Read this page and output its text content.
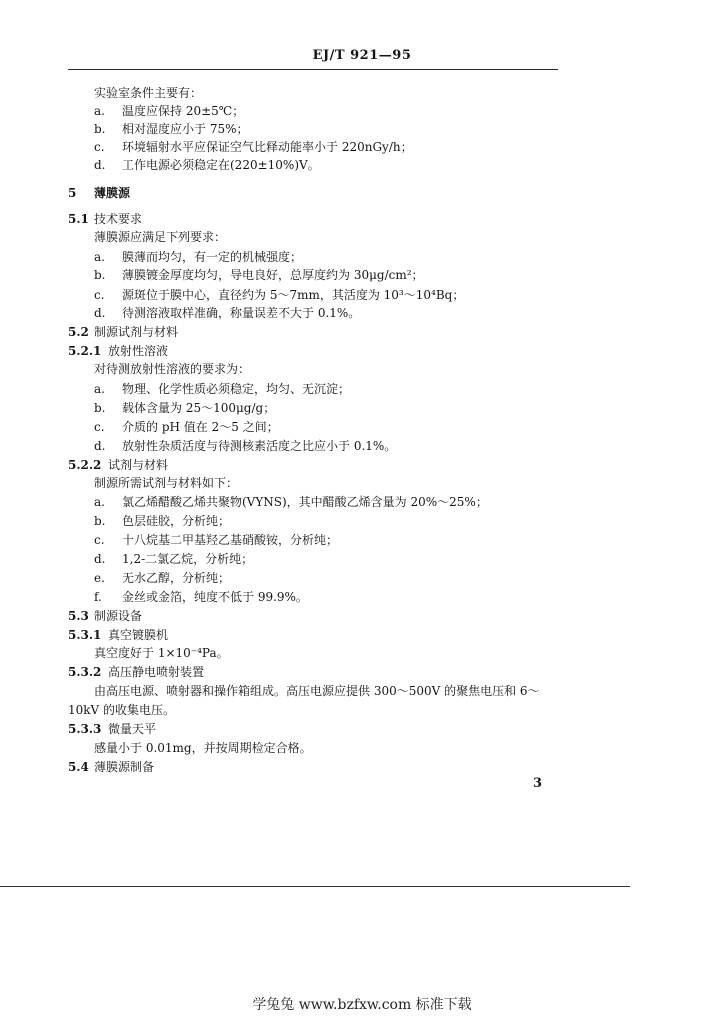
EJ/T 921—95
实验室条件主要有：
a. 温度应保持 20±5℃；
b. 相对湿度应小于 75%；
c. 环境辐射水平应保证空气比释动能率小于 220nGy/h；
d. 工作电源必须稳定在(220±10%)V。
5 薄膜源
5.1 技术要求
薄膜源应满足下列要求：
a. 膜薄而均匀，有一定的机械强度；
b. 薄膜镀金厚度均匀，导电良好，总厚度约为 30μg/cm²；
c. 源斑位于膜中心，直径约为 5～7mm，其活度为 10³～10⁴Bq；
d. 待测溶液取样准确，称量误差不大于 0.1%。
5.2 制源试剂与材料
5.2.1 放射性溶液
对待测放射性溶液的要求为：
a. 物理、化学性质必须稳定，均匀、无沉淀；
b. 载体含量为 25～100μg/g；
c. 介质的 pH 值在 2～5 之间；
d. 放射性杂质活度与待测核素活度之比应小于 0.1%。
5.2.2 试剂与材料
制源所需试剂与材料如下：
a. 氯乙烯醋酸乙烯共聚物(VYNS)，其中醋酸乙烯含量为 20%～25%；
b. 色层硅胶，分析纯；
c. 十八烷基二甲基羟乙基硝酸铵，分析纯；
d. 1,2-二氯乙烷，分析纯；
e. 无水乙醇，分析纯；
f. 金丝或金箔，纯度不低于 99.9%。
5.3 制源设备
5.3.1 真空镀膜机
真空度好于 1×10⁻⁴Pa。
5.3.2 高压静电喷射装置
由高压电源、喷射器和操作箱组成。高压电源应提供 300～500V 的聚焦电压和 6～
10kV 的收集电压。
5.3.3 微量天平
感量小于 0.01mg，并按周期检定合格。
5.4 薄膜源制备
3
学兔兔 www.bzfxw.com 标准下载
